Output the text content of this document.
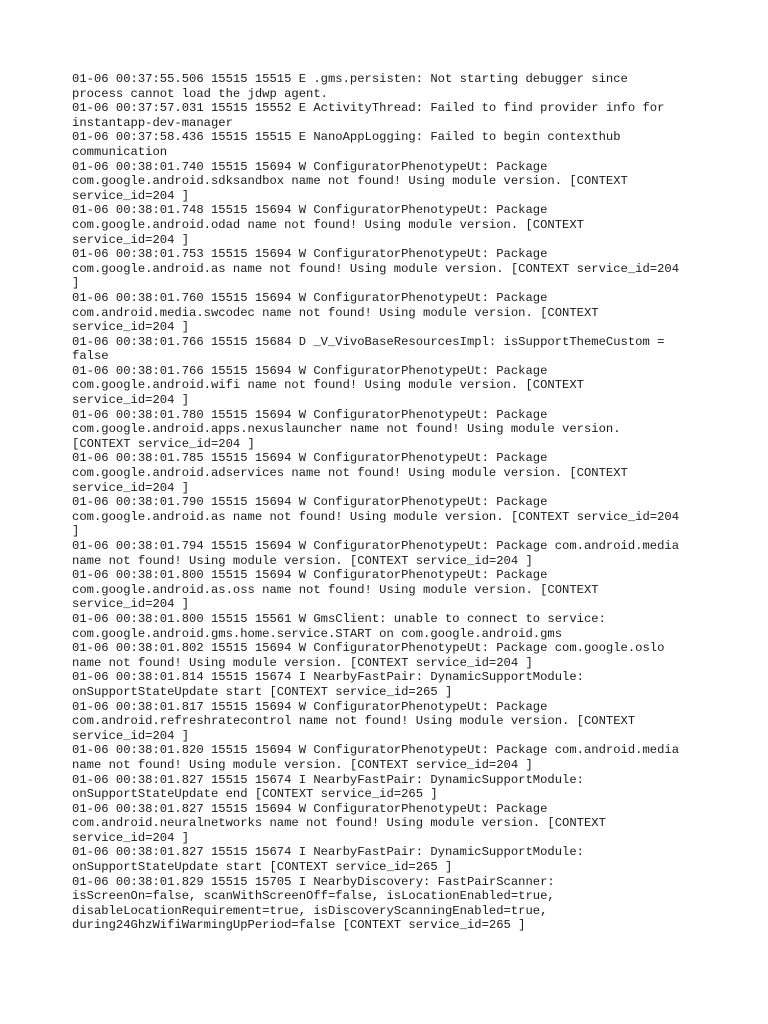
01-06 00:37:55.506 15515 15515 E .gms.persisten: Not starting debugger since
process cannot load the jdwp agent.
01-06 00:37:57.031 15515 15552 E ActivityThread: Failed to find provider info for
instantapp-dev-manager
01-06 00:37:58.436 15515 15515 E NanoAppLogging: Failed to begin contexthub
communication
01-06 00:38:01.740 15515 15694 W ConfiguratorPhenotypeUt: Package
com.google.android.sdksandbox name not found! Using module version. [CONTEXT
service_id=204 ]
01-06 00:38:01.748 15515 15694 W ConfiguratorPhenotypeUt: Package
com.google.android.odad name not found! Using module version. [CONTEXT
service_id=204 ]
01-06 00:38:01.753 15515 15694 W ConfiguratorPhenotypeUt: Package
com.google.android.as name not found! Using module version. [CONTEXT service_id=204
]
01-06 00:38:01.760 15515 15694 W ConfiguratorPhenotypeUt: Package
com.android.media.swcodec name not found! Using module version. [CONTEXT
service_id=204 ]
01-06 00:38:01.766 15515 15684 D _V_VivoBaseResourcesImpl: isSupportThemeCustom =
false
01-06 00:38:01.766 15515 15694 W ConfiguratorPhenotypeUt: Package
com.google.android.wifi name not found! Using module version. [CONTEXT
service_id=204 ]
01-06 00:38:01.780 15515 15694 W ConfiguratorPhenotypeUt: Package
com.google.android.apps.nexuslauncher name not found! Using module version.
[CONTEXT service_id=204 ]
01-06 00:38:01.785 15515 15694 W ConfiguratorPhenotypeUt: Package
com.google.android.adservices name not found! Using module version. [CONTEXT
service_id=204 ]
01-06 00:38:01.790 15515 15694 W ConfiguratorPhenotypeUt: Package
com.google.android.as name not found! Using module version. [CONTEXT service_id=204
]
01-06 00:38:01.794 15515 15694 W ConfiguratorPhenotypeUt: Package com.android.media
name not found! Using module version. [CONTEXT service_id=204 ]
01-06 00:38:01.800 15515 15694 W ConfiguratorPhenotypeUt: Package
com.google.android.as.oss name not found! Using module version. [CONTEXT
service_id=204 ]
01-06 00:38:01.800 15515 15561 W GmsClient: unable to connect to service:
com.google.android.gms.home.service.START on com.google.android.gms
01-06 00:38:01.802 15515 15694 W ConfiguratorPhenotypeUt: Package com.google.oslo
name not found! Using module version. [CONTEXT service_id=204 ]
01-06 00:38:01.814 15515 15674 I NearbyFastPair: DynamicSupportModule:
onSupportStateUpdate start [CONTEXT service_id=265 ]
01-06 00:38:01.817 15515 15694 W ConfiguratorPhenotypeUt: Package
com.android.refreshratecontrol name not found! Using module version. [CONTEXT
service_id=204 ]
01-06 00:38:01.820 15515 15694 W ConfiguratorPhenotypeUt: Package com.android.media
name not found! Using module version. [CONTEXT service_id=204 ]
01-06 00:38:01.827 15515 15674 I NearbyFastPair: DynamicSupportModule:
onSupportStateUpdate end [CONTEXT service_id=265 ]
01-06 00:38:01.827 15515 15694 W ConfiguratorPhenotypeUt: Package
com.android.neuralnetworks name not found! Using module version. [CONTEXT
service_id=204 ]
01-06 00:38:01.827 15515 15674 I NearbyFastPair: DynamicSupportModule:
onSupportStateUpdate start [CONTEXT service_id=265 ]
01-06 00:38:01.829 15515 15705 I NearbyDiscovery: FastPairScanner:
isScreenOn=false, scanWithScreenOff=false, isLocationEnabled=true,
disableLocationRequirement=true, isDiscoveryScanningEnabled=true,
during24GhzWifiWarmingUpPeriod=false [CONTEXT service_id=265 ]
